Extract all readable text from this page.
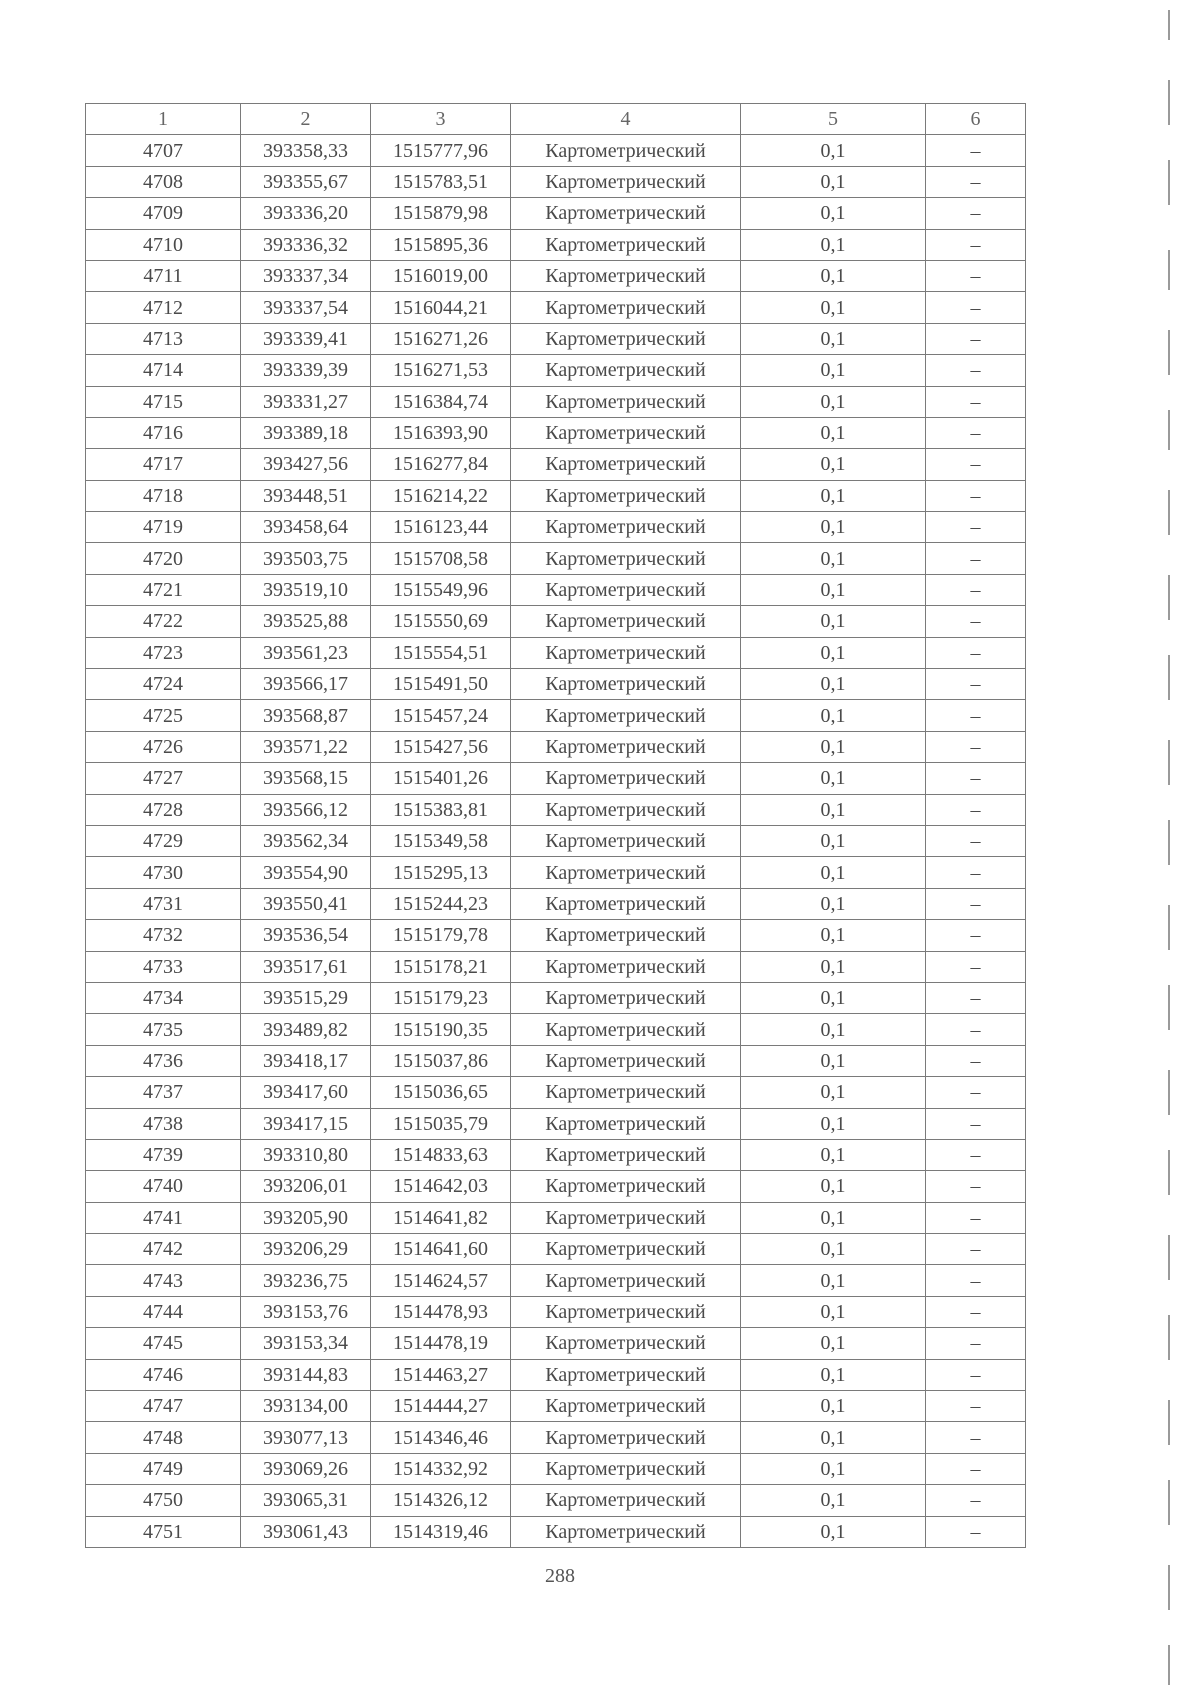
1	2	3	4	5	6
4707	393358,33	1515777,96	Картометрический	0,1	–
4708	393355,67	1515783,51	Картометрический	0,1	–
4709	393336,20	1515879,98	Картометрический	0,1	–
4710	393336,32	1515895,36	Картометрический	0,1	–
4711	393337,34	1516019,00	Картометрический	0,1	–
4712	393337,54	1516044,21	Картометрический	0,1	–
4713	393339,41	1516271,26	Картометрический	0,1	–
4714	393339,39	1516271,53	Картометрический	0,1	–
4715	393331,27	1516384,74	Картометрический	0,1	–
4716	393389,18	1516393,90	Картометрический	0,1	–
4717	393427,56	1516277,84	Картометрический	0,1	–
4718	393448,51	1516214,22	Картометрический	0,1	–
4719	393458,64	1516123,44	Картометрический	0,1	–
4720	393503,75	1515708,58	Картометрический	0,1	–
4721	393519,10	1515549,96	Картометрический	0,1	–
4722	393525,88	1515550,69	Картометрический	0,1	–
4723	393561,23	1515554,51	Картометрический	0,1	–
4724	393566,17	1515491,50	Картометрический	0,1	–
4725	393568,87	1515457,24	Картометрический	0,1	–
4726	393571,22	1515427,56	Картометрический	0,1	–
4727	393568,15	1515401,26	Картометрический	0,1	–
4728	393566,12	1515383,81	Картометрический	0,1	–
4729	393562,34	1515349,58	Картометрический	0,1	–
4730	393554,90	1515295,13	Картометрический	0,1	–
4731	393550,41	1515244,23	Картометрический	0,1	–
4732	393536,54	1515179,78	Картометрический	0,1	–
4733	393517,61	1515178,21	Картометрический	0,1	–
4734	393515,29	1515179,23	Картометрический	0,1	–
4735	393489,82	1515190,35	Картометрический	0,1	–
4736	393418,17	1515037,86	Картометрический	0,1	–
4737	393417,60	1515036,65	Картометрический	0,1	–
4738	393417,15	1515035,79	Картометрический	0,1	–
4739	393310,80	1514833,63	Картометрический	0,1	–
4740	393206,01	1514642,03	Картометрический	0,1	–
4741	393205,90	1514641,82	Картометрический	0,1	–
4742	393206,29	1514641,60	Картометрический	0,1	–
4743	393236,75	1514624,57	Картометрический	0,1	–
4744	393153,76	1514478,93	Картометрический	0,1	–
4745	393153,34	1514478,19	Картометрический	0,1	–
4746	393144,83	1514463,27	Картометрический	0,1	–
4747	393134,00	1514444,27	Картометрический	0,1	–
4748	393077,13	1514346,46	Картометрический	0,1	–
4749	393069,26	1514332,92	Картометрический	0,1	–
4750	393065,31	1514326,12	Картометрический	0,1	–
4751	393061,43	1514319,46	Картометрический	0,1	–
288
